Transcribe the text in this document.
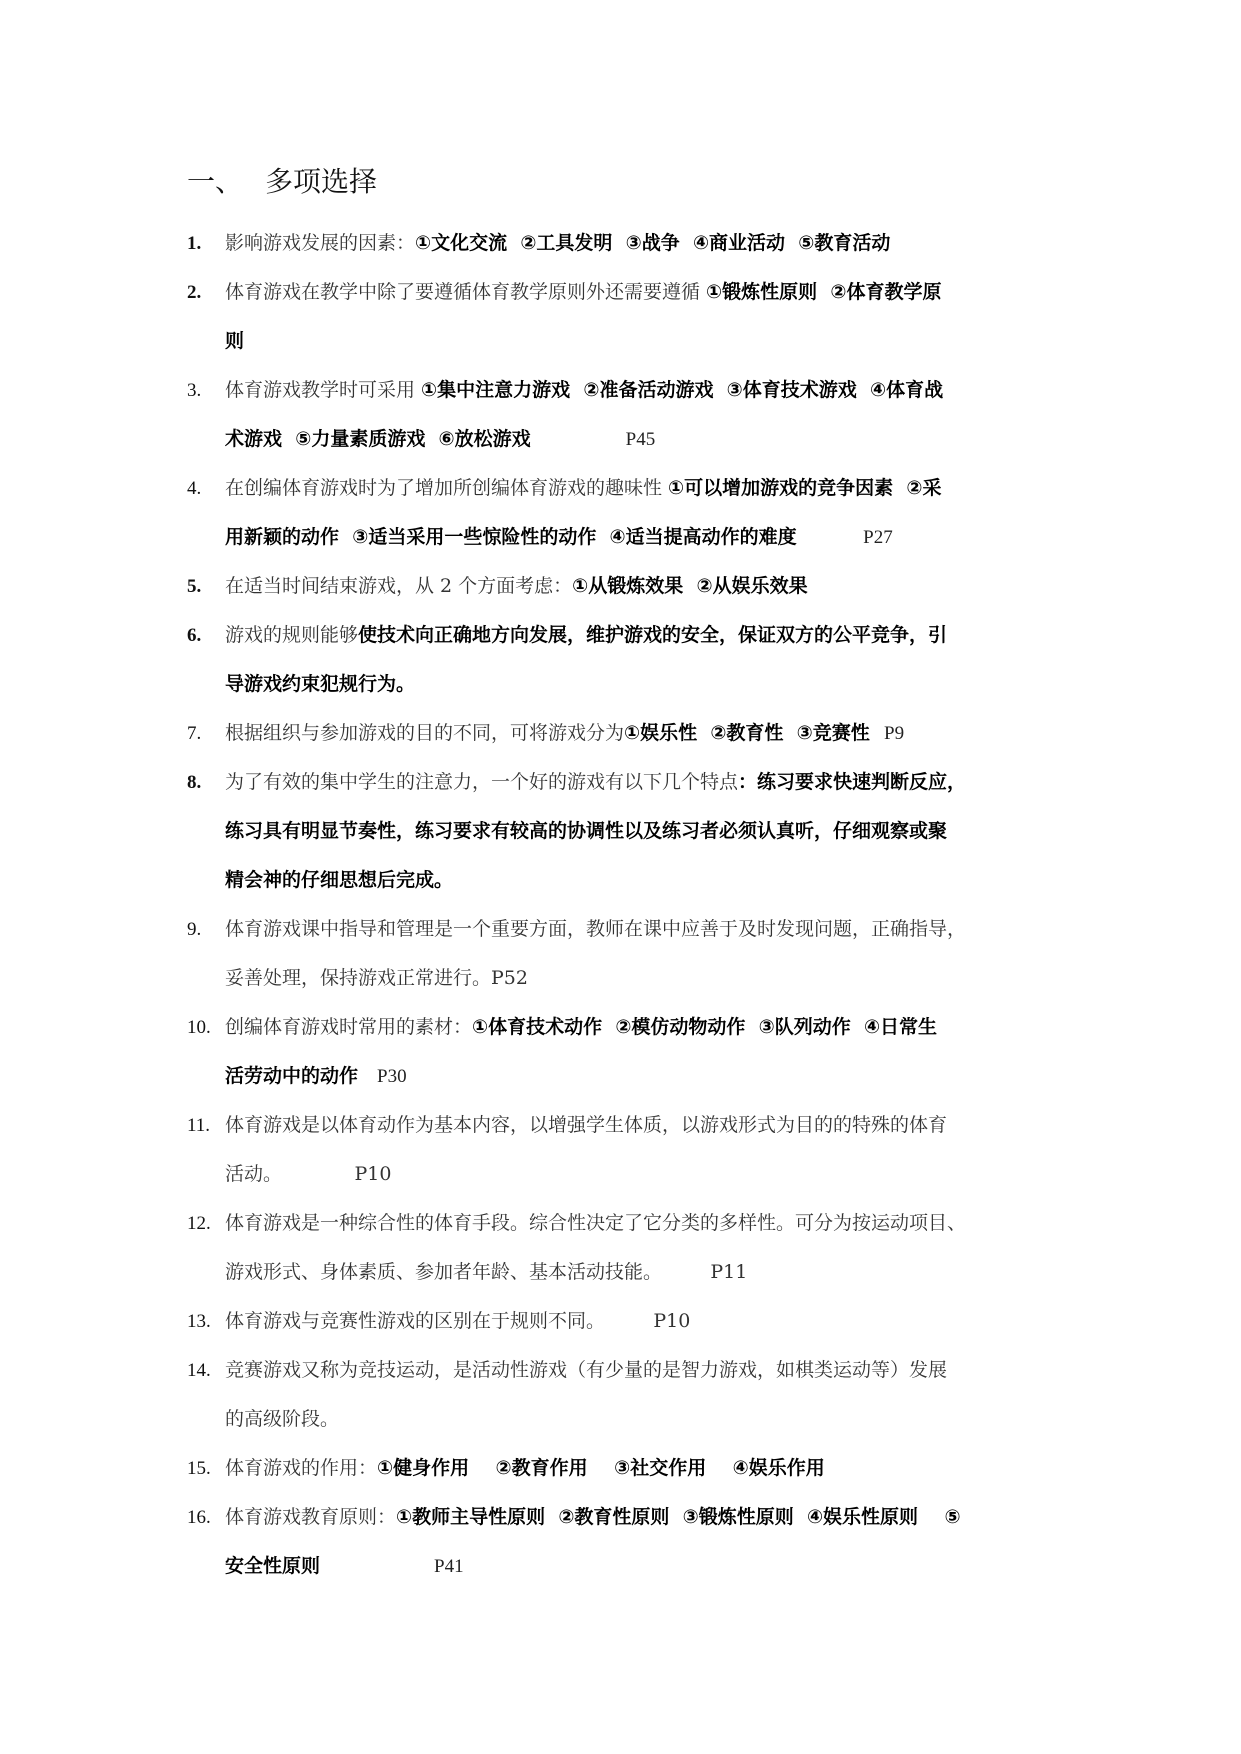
一、 多项选择
1. 影响游戏发展的因素：①文化交流  ②工具发明  ③战争  ④商业活动  ⑤教育活动
2. 体育游戏在教学中除了要遵循体育教学原则外还需要遵循 ①锻炼性原则  ②体育教学原
则
3. 体育游戏教学时可采用 ①集中注意力游戏  ②准备活动游戏  ③体育技术游戏  ④体育战
术游戏  ⑤力量素质游戏  ⑥放松游戏                    P45
4. 在创编体育游戏时为了增加所创编体育游戏的趣味性 ①可以增加游戏的竞争因素  ②采
用新颖的动作  ③适当采用一些惊险性的动作  ④适当提高动作的难度              P27
5. 在适当时间结束游戏，从 2 个方面考虑：①从锻炼效果  ②从娱乐效果
6. 游戏的规则能够使技术向正确地方向发展，维护游戏的安全，保证双方的公平竞争，引
导游戏约束犯规行为。
7. 根据组织与参加游戏的目的不同，可将游戏分为①娱乐性  ②教育性  ③竞赛性   P9
8. 为了有效的集中学生的注意力，一个好的游戏有以下几个特点：练习要求快速判断反应，
练习具有明显节奏性，练习要求有较高的协调性以及练习者必须认真听，仔细观察或聚
精会神的仔细思想后完成。
9. 体育游戏课中指导和管理是一个重要方面，教师在课中应善于及时发现问题，正确指导，
妥善处理，保持游戏正常进行。P52
10. 创编体育游戏时常用的素材：①体育技术动作  ②模仿动物动作  ③队列动作  ④日常生
活劳动中的动作    P30
11. 体育游戏是以体育动作为基本内容，以增强学生体质，以游戏形式为目的的特殊的体育
活动。            P10
12. 体育游戏是一种综合性的体育手段。综合性决定了它分类的多样性。可分为按运动项目、
游戏形式、身体素质、参加者年龄、基本活动技能。        P11
13. 体育游戏与竞赛性游戏的区别在于规则不同。        P10
14. 竞赛游戏又称为竞技运动，是活动性游戏（有少量的是智力游戏，如棋类运动等）发展
的高级阶段。
15. 体育游戏的作用：①健身作用    ②教育作用    ③社交作用    ④娱乐作用
16. 体育游戏教育原则：①教师主导性原则  ②教育性原则  ③锻炼性原则  ④娱乐性原则    ⑤
安全性原则                        P41
